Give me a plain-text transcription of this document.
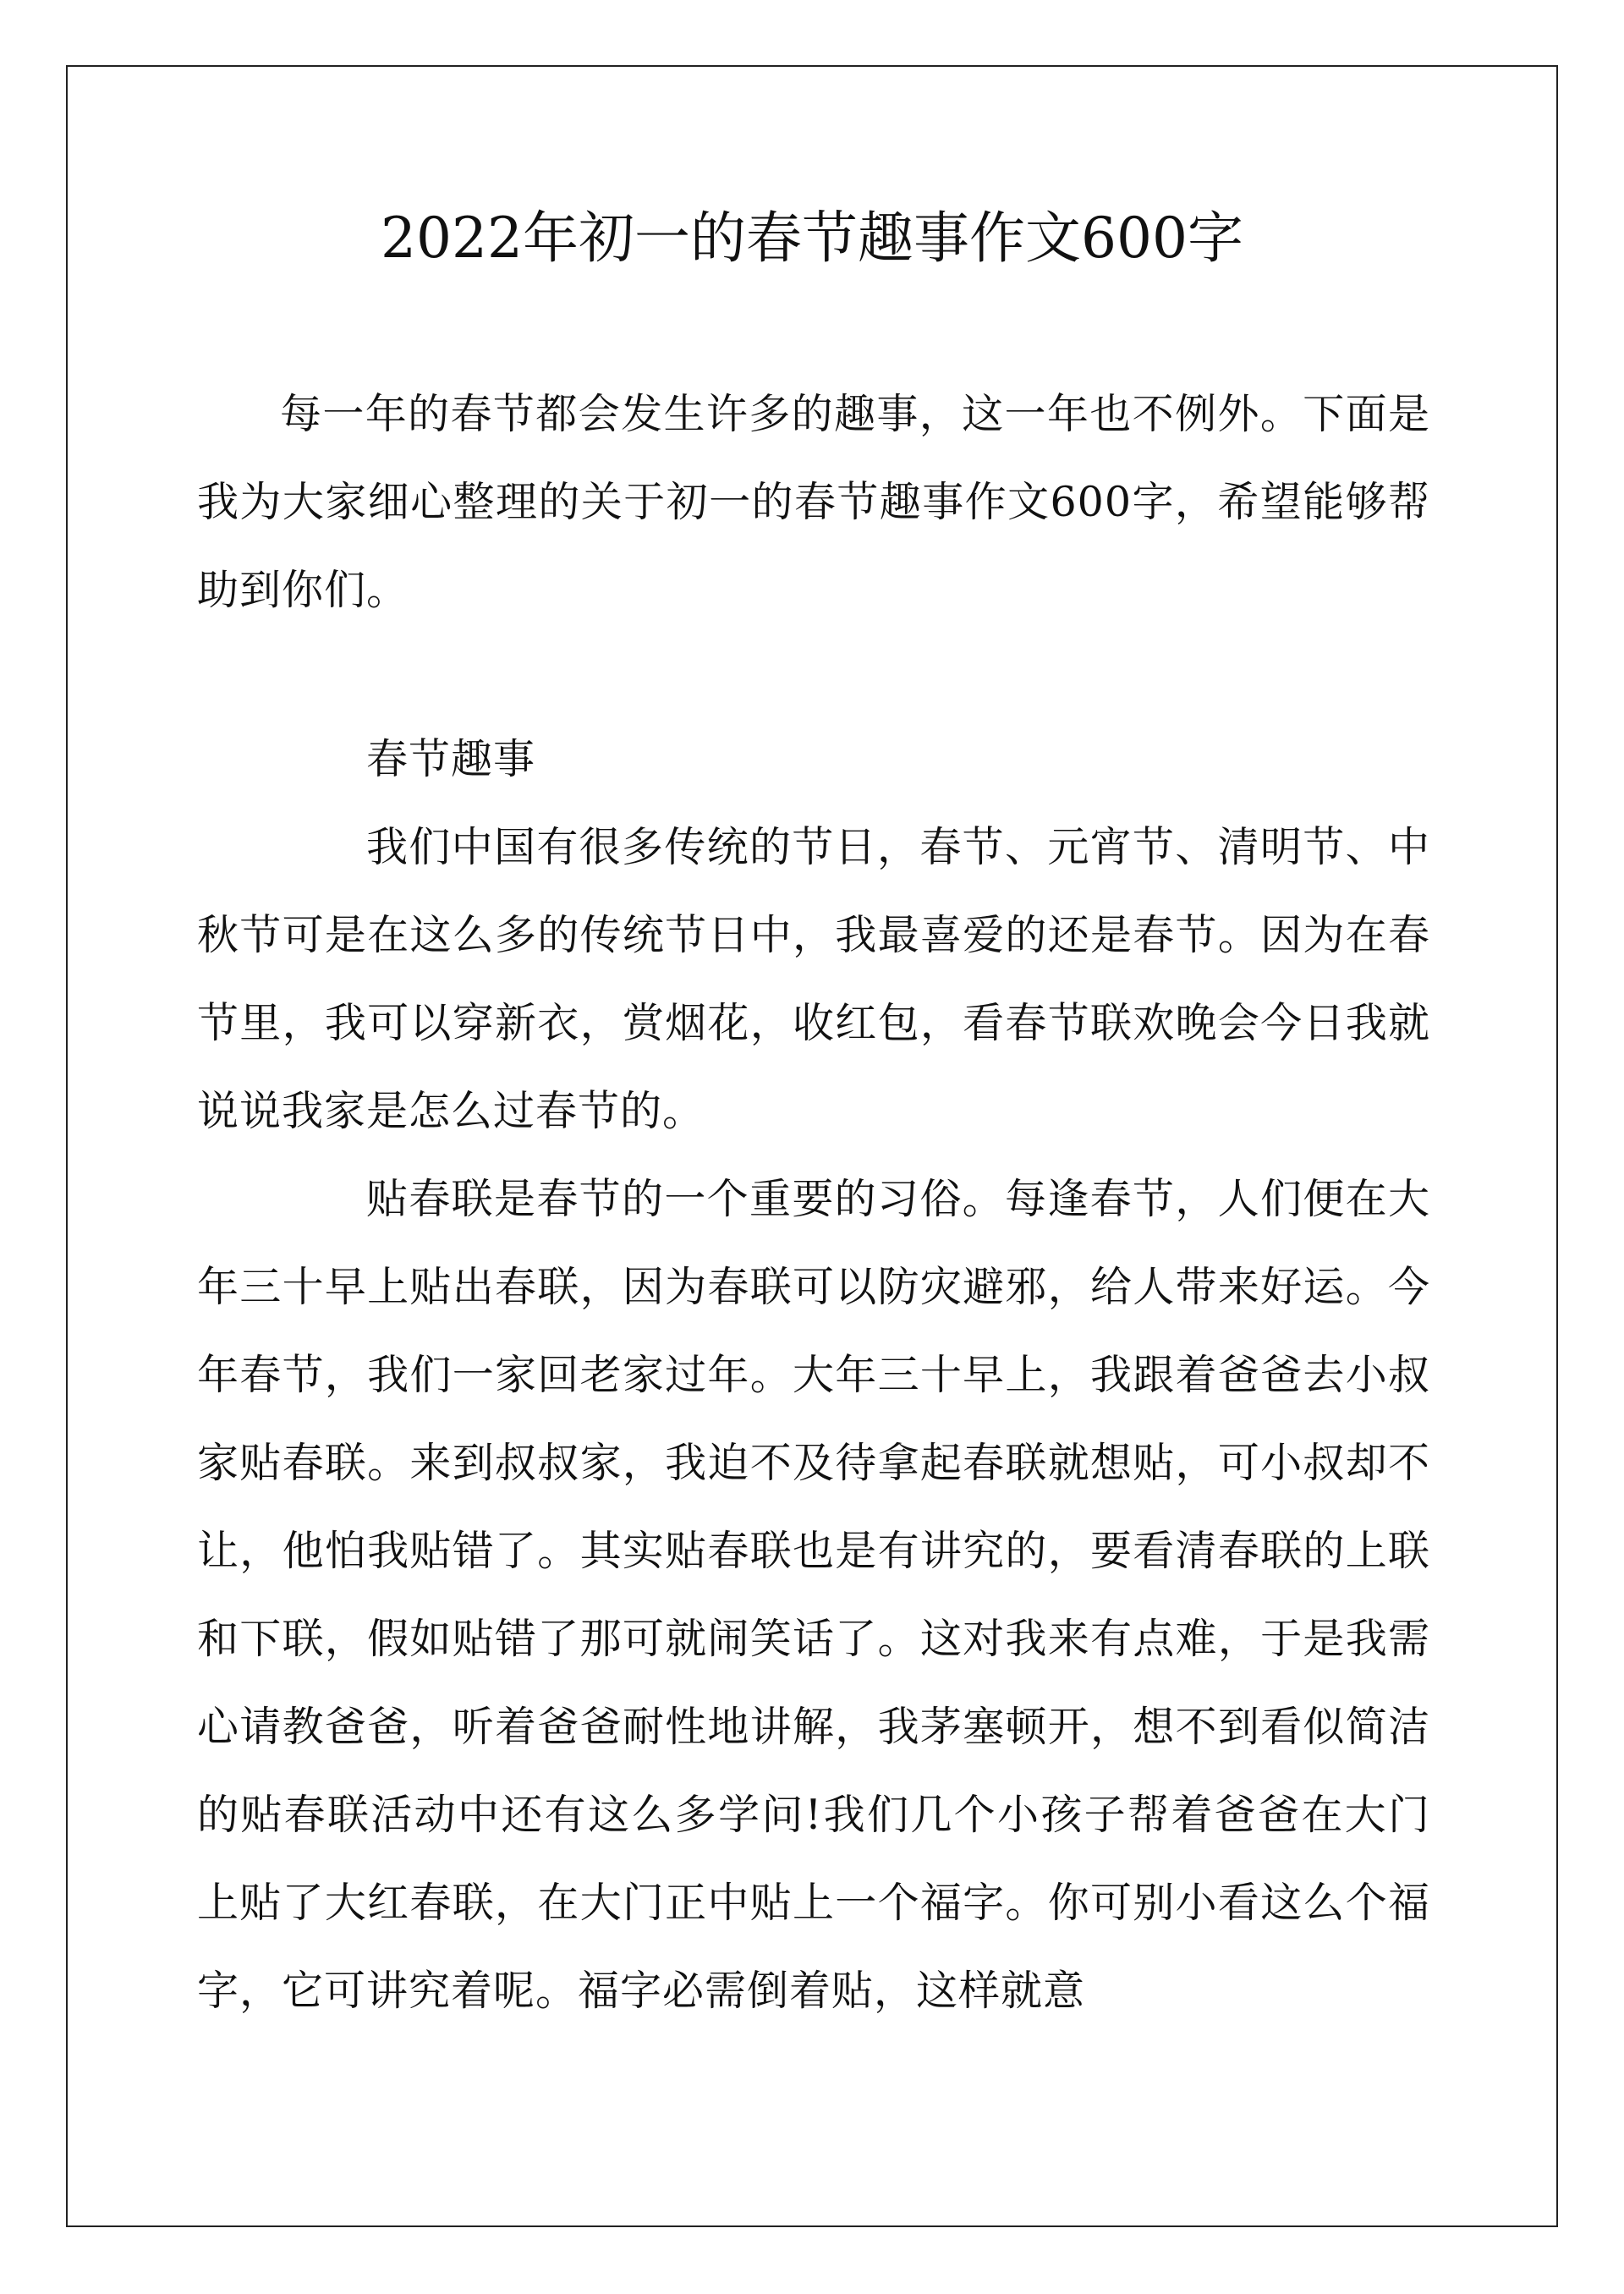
2022年初一的春节趣事作文600字

每一年的春节都会发生许多的趣事，这一年也不例外。下面是我为大家细心整理的关于初一的春节趣事作文600字，希望能够帮助到你们。

春节趣事

我们中国有很多传统的节日，春节、元宵节、清明节、中秋节可是在这么多的传统节日中，我最喜爱的还是春节。因为在春节里，我可以穿新衣，赏烟花，收红包，看春节联欢晚会今日我就说说我家是怎么过春节的。

贴春联是春节的一个重要的习俗。每逢春节，人们便在大年三十早上贴出春联，因为春联可以防灾避邪，给人带来好运。今年春节，我们一家回老家过年。大年三十早上，我跟着爸爸去小叔家贴春联。来到叔叔家，我迫不及待拿起春联就想贴，可小叔却不让，他怕我贴错了。其实贴春联也是有讲究的，要看清春联的上联和下联，假如贴错了那可就闹笑话了。这对我来有点难，于是我需心请教爸爸，听着爸爸耐性地讲解，我茅塞顿开，想不到看似简洁的贴春联活动中还有这么多学问!我们几个小孩子帮着爸爸在大门上贴了大红春联，在大门正中贴上一个福字。你可别小看这么个福字，它可讲究着呢。福字必需倒着贴，这样就意
